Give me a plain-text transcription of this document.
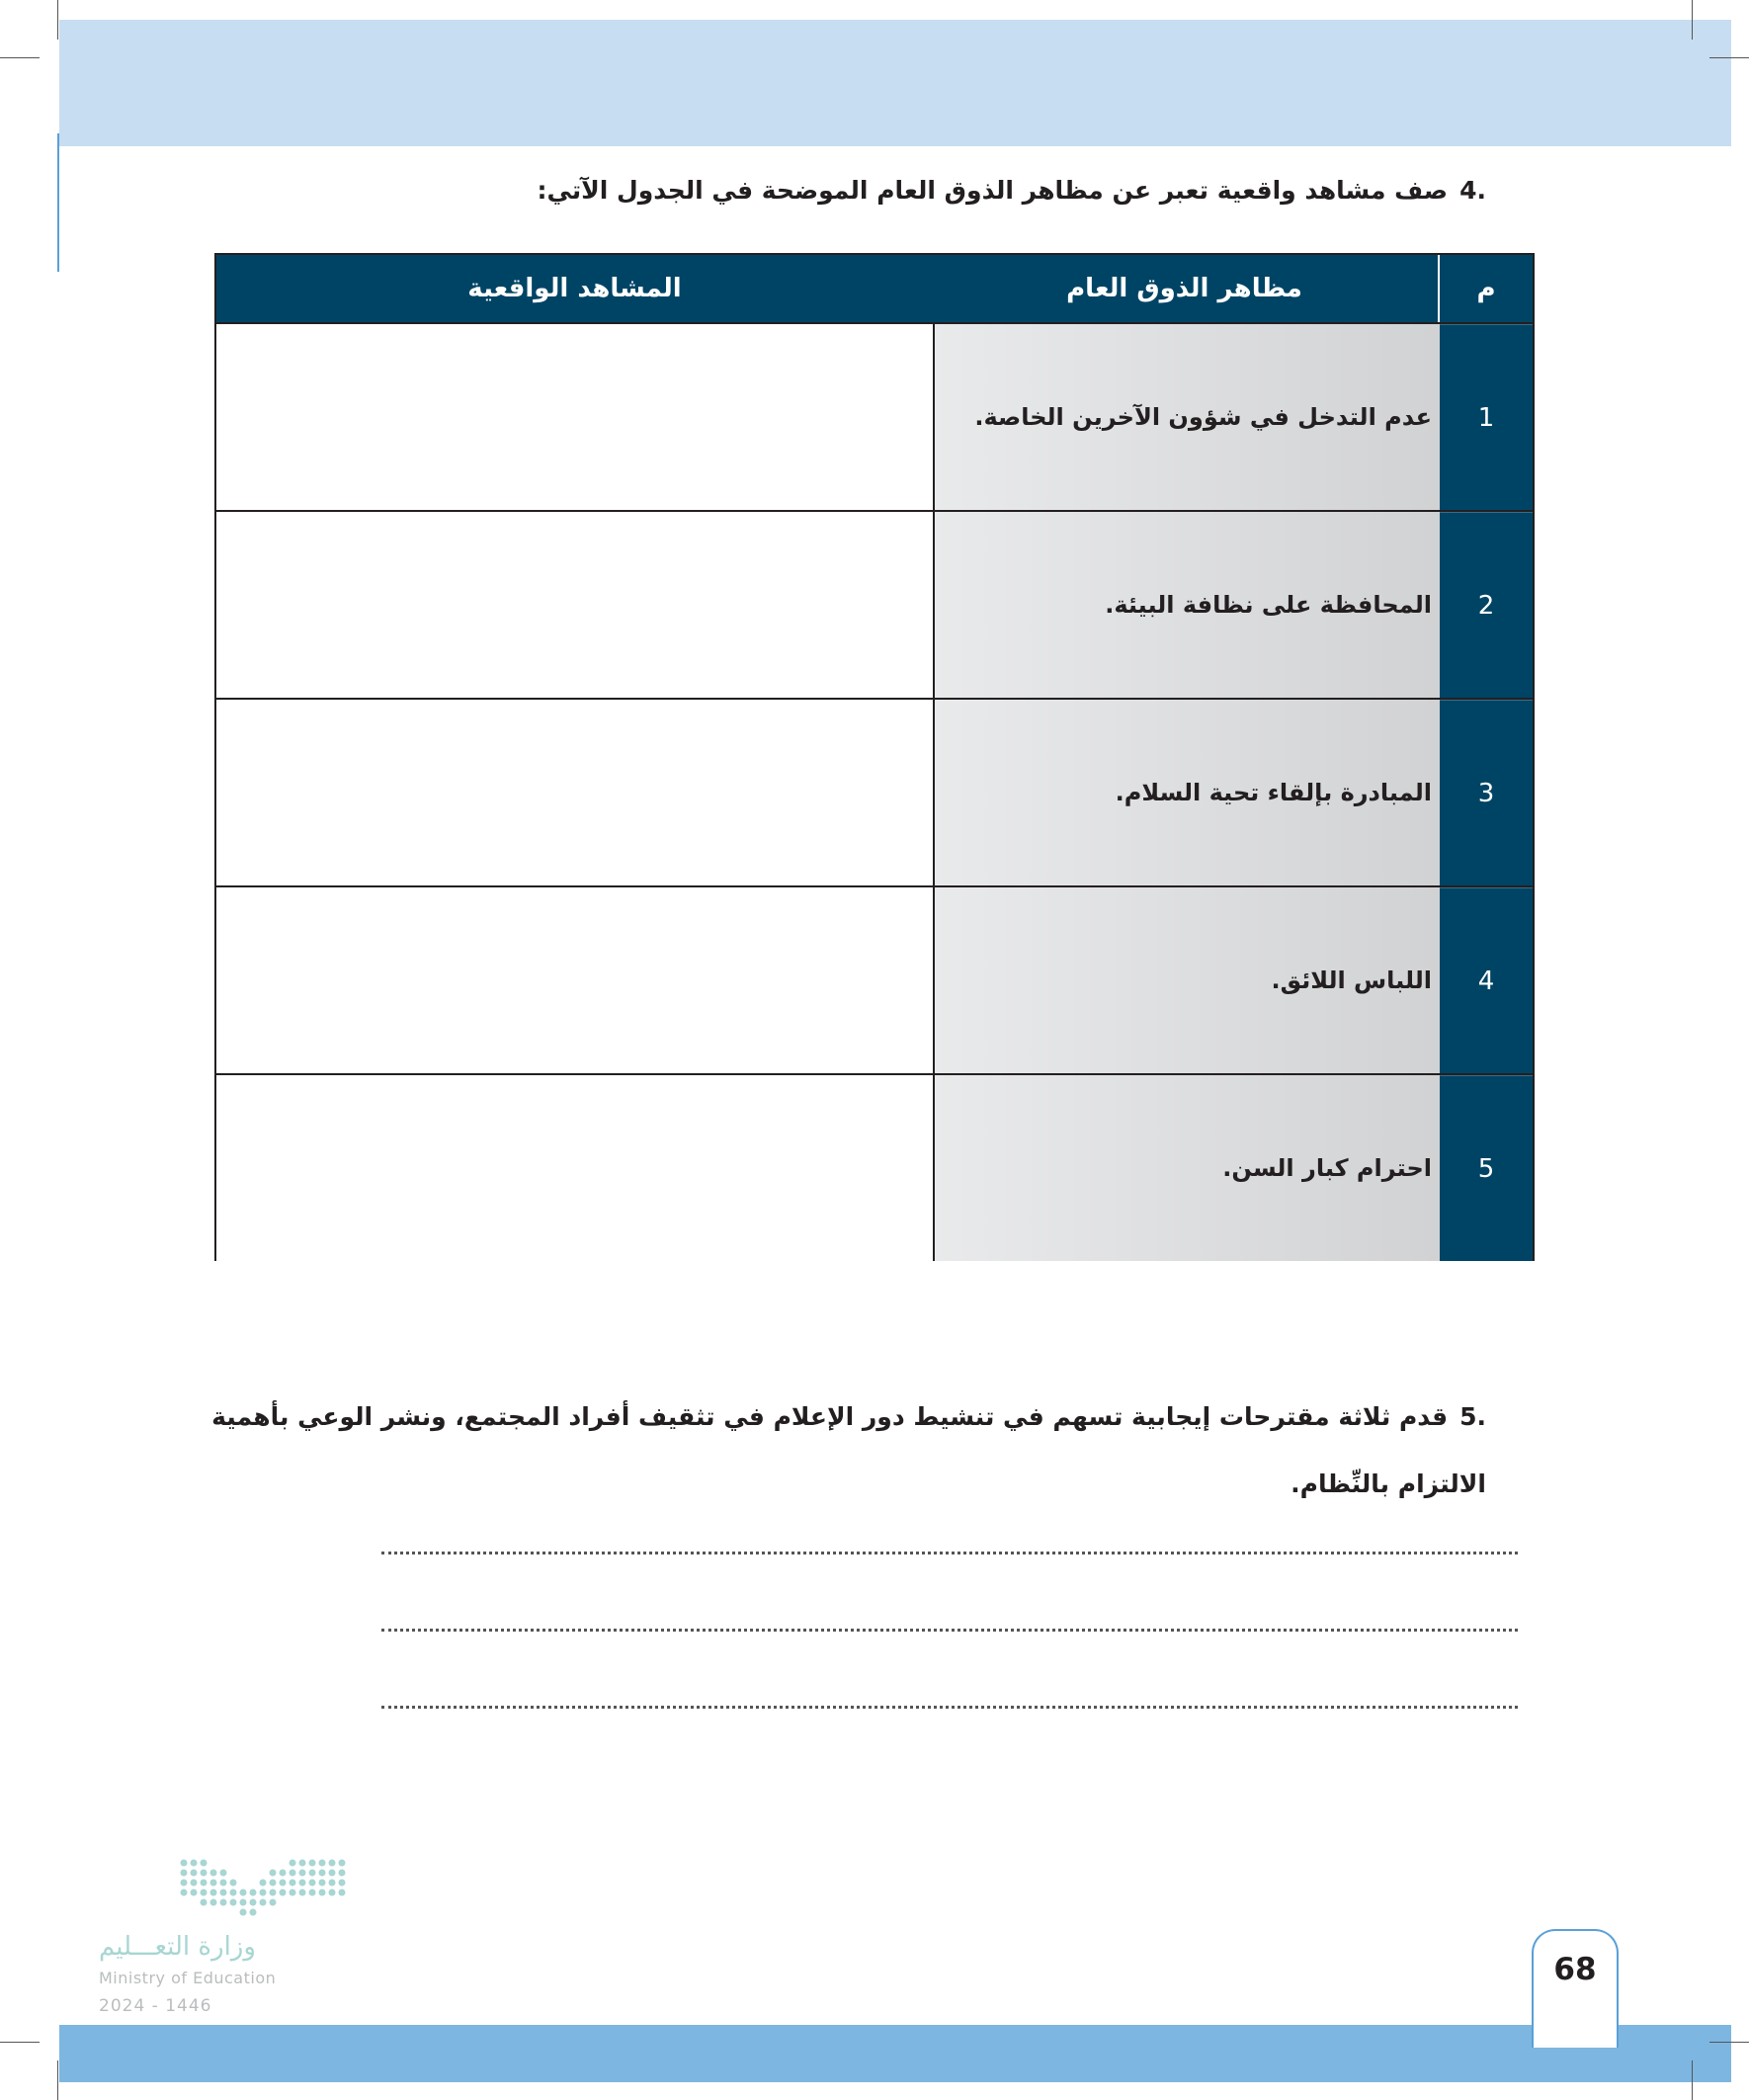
4.صف مشاهد واقعية تعبر عن مظاهر الذوق العام الموضحة في الجدول الآتي:
م
مظاهر الذوق العام
المشاهد الواقعية
1
عدم التدخل في شؤون الآخرين الخاصة.
2
المحافظة على نظافة البيئة.
3
المبادرة بإلقاء تحية السلام.
4
اللباس اللائق.
5
احترام كبار السن.
5.قدم ثلاثة مقترحات إيجابية تسهم في تنشيط دور الإعلام في تثقيف أفراد المجتمع، ونشر الوعي بأهمية
الالتزام بالنِّظام.
وزارة التعـــليم
Ministry of Education
2024 - 1446
68
